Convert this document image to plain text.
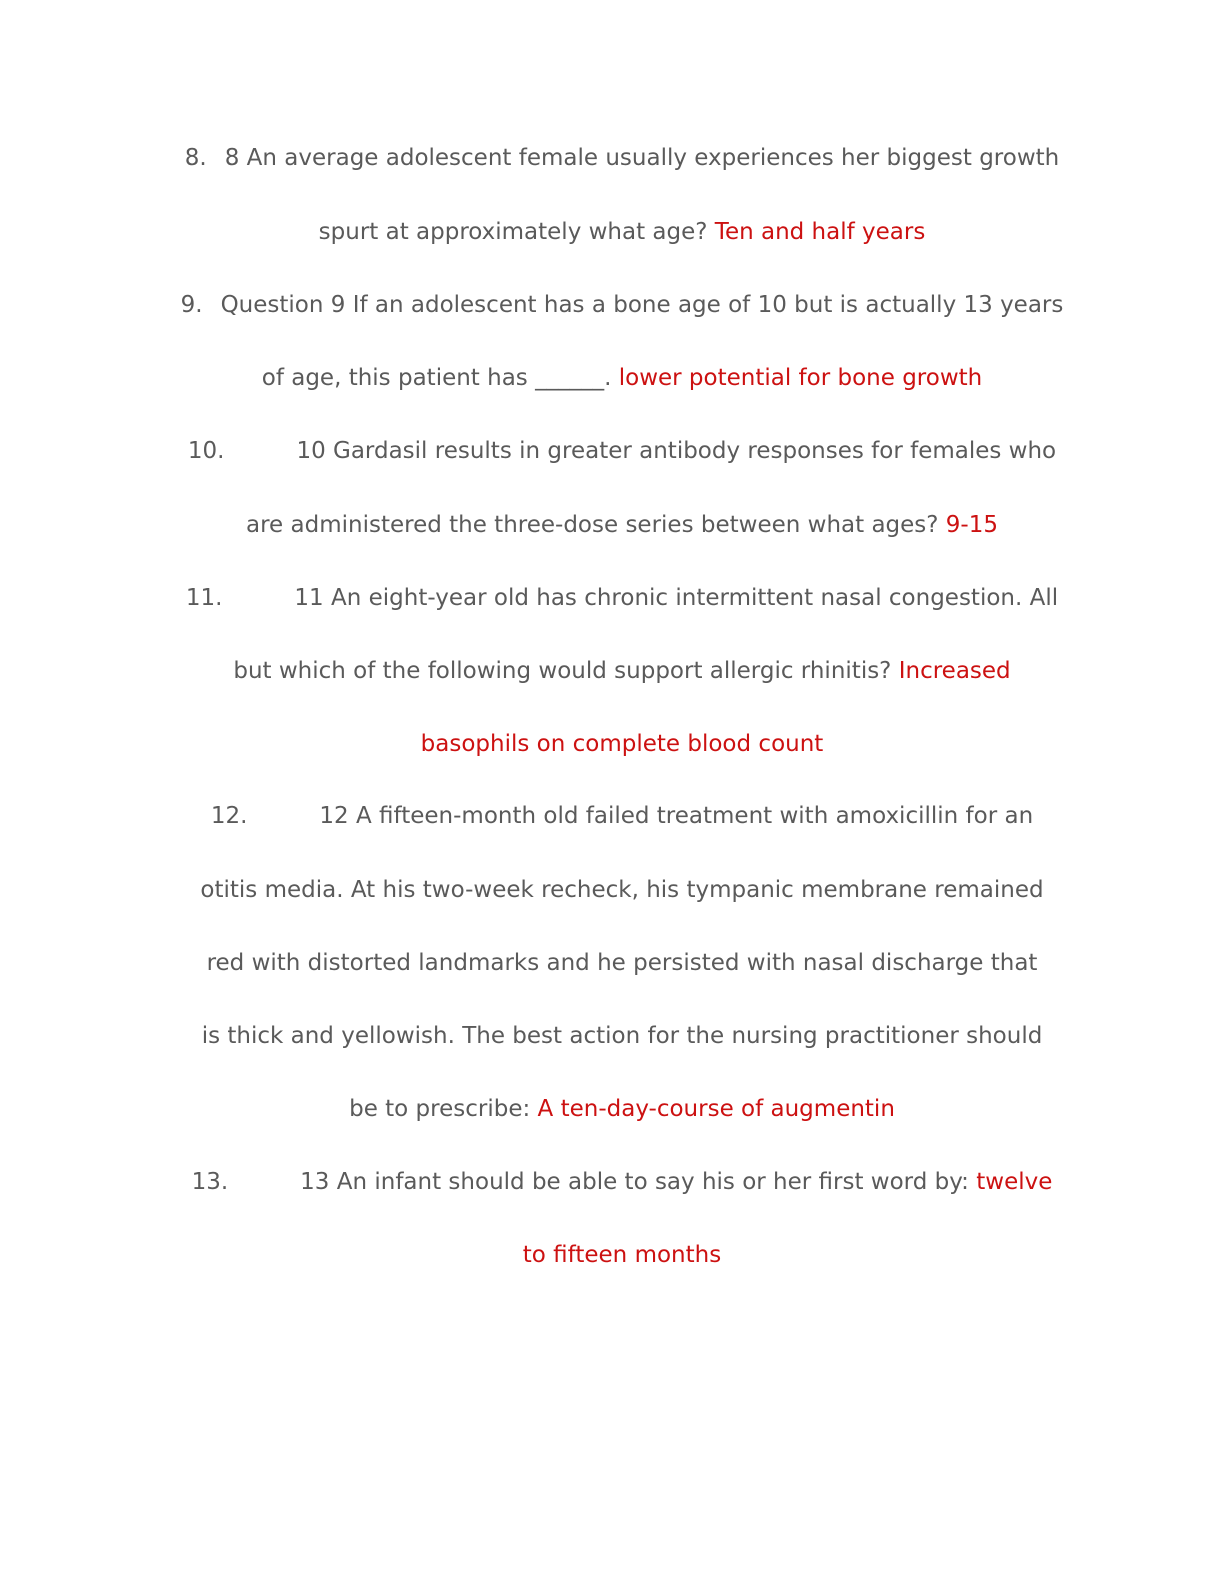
8. 8 An average adolescent female usually experiences her biggest growth
spurt at approximately what age? Ten and half years
9. Question 9 If an adolescent has a bone age of 10 but is actually 13 years
of age, this patient has ______. lower potential for bone growth
10.	10 Gardasil results in greater antibody responses for females who
are administered the three-dose series between what ages? 9-15
11.	11 An eight-year old has chronic intermittent nasal congestion. All
but which of the following would support allergic rhinitis? Increased
basophils on complete blood count
12.	12 A fifteen-month old failed treatment with amoxicillin for an
otitis media. At his two-week recheck, his tympanic membrane remained
red with distorted landmarks and he persisted with nasal discharge that
is thick and yellowish. The best action for the nursing practitioner should
be to prescribe: A ten-day-course of augmentin
13.	13 An infant should be able to say his or her first word by: twelve
to fifteen months
